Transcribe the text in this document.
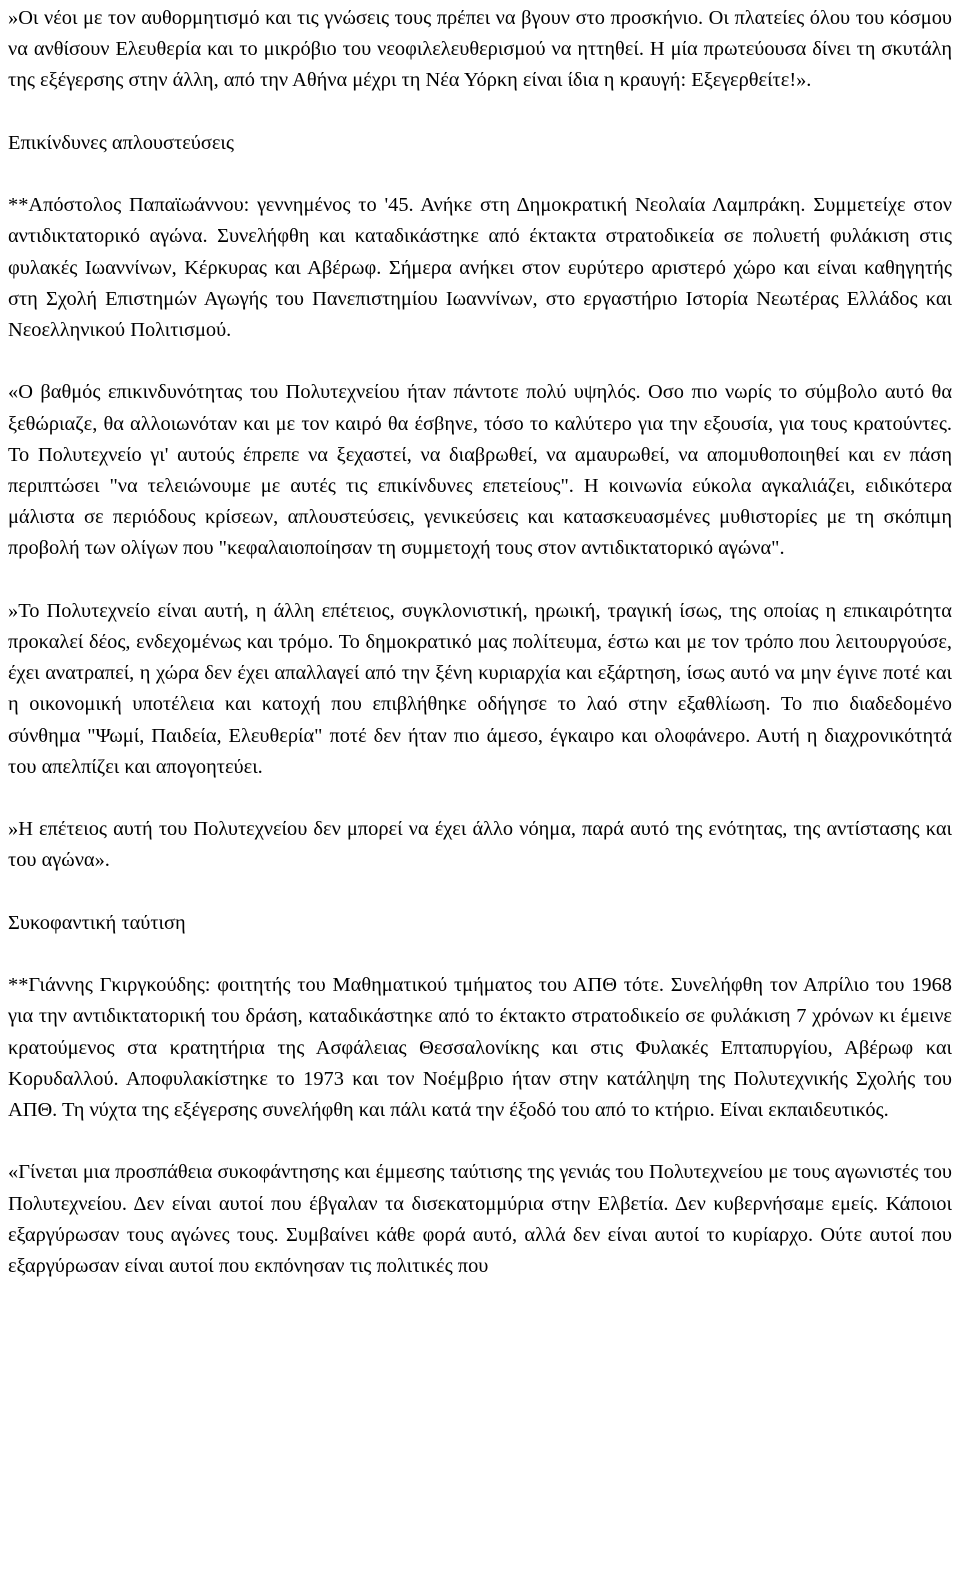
»Οι νέοι με τον αυθορμητισμό και τις γνώσεις τους πρέπει να βγουν στο προσκήνιο. Οι πλατείες όλου του κόσμου να ανθίσουν Ελευθερία και το μικρόβιο του νεοφιλελευθερισμού να ηττηθεί. Η μία πρωτεύουσα δίνει τη σκυτάλη της εξέγερσης στην άλλη, από την Αθήνα μέχρι τη Νέα Υόρκη είναι ίδια η κραυγή: Εξεγερθείτε!».

Επικίνδυνες απλουστεύσεις

**Απόστολος Παπαϊωάννου: γεννημένος το '45. Ανήκε στη Δημοκρατική Νεολαία Λαμπράκη. Συμμετείχε στον αντιδικτατορικό αγώνα. Συνελήφθη και καταδικάστηκε από έκτακτα στρατοδικεία σε πολυετή φυλάκιση στις φυλακές Ιωαννίνων, Κέρκυρας και Αβέρωφ. Σήμερα ανήκει στον ευρύτερο αριστερό χώρο και είναι καθηγητής στη Σχολή Επιστημών Αγωγής του Πανεπιστημίου Ιωαννίνων, στο εργαστήριο Ιστορία Νεωτέρας Ελλάδος και Νεοελληνικού Πολιτισμού.

«Ο βαθμός επικινδυνότητας του Πολυτεχνείου ήταν πάντοτε πολύ υψηλός. Οσο πιο νωρίς το σύμβολο αυτό θα ξεθώριαζε, θα αλλοιωνόταν και με τον καιρό θα έσβηνε, τόσο το καλύτερο για την εξουσία, για τους κρατούντες. Το Πολυτεχνείο γι' αυτούς έπρεπε να ξεχαστεί, να διαβρωθεί, να αμαυρωθεί, να απομυθοποιηθεί και εν πάση περιπτώσει "να τελειώνουμε με αυτές τις επικίνδυνες επετείους". Η κοινωνία εύκολα αγκαλιάζει, ειδικότερα μάλιστα σε περιόδους κρίσεων, απλουστεύσεις, γενικεύσεις και κατασκευασμένες μυθιστορίες με τη σκόπιμη προβολή των ολίγων που "κεφαλαιοποίησαν τη συμμετοχή τους στον αντιδικτατορικό αγώνα".

»Το Πολυτεχνείο είναι αυτή, η άλλη επέτειος, συγκλονιστική, ηρωική, τραγική ίσως, της οποίας η επικαιρότητα προκαλεί δέος, ενδεχομένως και τρόμο. Το δημοκρατικό μας πολίτευμα, έστω και με τον τρόπο που λειτουργούσε, έχει ανατραπεί, η χώρα δεν έχει απαλλαγεί από την ξένη κυριαρχία και εξάρτηση, ίσως αυτό να μην έγινε ποτέ και η οικονομική υποτέλεια και κατοχή που επιβλήθηκε οδήγησε το λαό στην εξαθλίωση. Το πιο διαδεδομένο σύνθημα "Ψωμί, Παιδεία, Ελευθερία" ποτέ δεν ήταν πιο άμεσο, έγκαιρο και ολοφάνερο. Αυτή η διαχρονικότητά του απελπίζει και απογοητεύει.

»Η επέτειος αυτή του Πολυτεχνείου δεν μπορεί να έχει άλλο νόημα, παρά αυτό της ενότητας, της αντίστασης και του αγώνα».

Συκοφαντική ταύτιση

**Γιάννης Γκιργκούδης: φοιτητής του Μαθηματικού τμήματος του ΑΠΘ τότε. Συνελήφθη τον Απρίλιο του 1968 για την αντιδικτατορική του δράση, καταδικάστηκε από το έκτακτο στρατοδικείο σε φυλάκιση 7 χρόνων κι έμεινε κρατούμενος στα κρατητήρια της Ασφάλειας Θεσσαλονίκης και στις Φυλακές Επταπυργίου, Αβέρωφ και Κορυδαλλού. Αποφυλακίστηκε το 1973 και τον Νοέμβριο ήταν στην κατάληψη της Πολυτεχνικής Σχολής του ΑΠΘ. Τη νύχτα της εξέγερσης συνελήφθη και πάλι κατά την έξοδό του από το κτήριο. Είναι εκπαιδευτικός.

«Γίνεται μια προσπάθεια συκοφάντησης και έμμεσης ταύτισης της γενιάς του Πολυτεχνείου με τους αγωνιστές του Πολυτεχνείου. Δεν είναι αυτοί που έβγαλαν τα δισεκατομμύρια στην Ελβετία. Δεν κυβερνήσαμε εμείς. Κάποιοι εξαργύρωσαν τους αγώνες τους. Συμβαίνει κάθε φορά αυτό, αλλά δεν είναι αυτοί το κυρίαρχο. Ούτε αυτοί που εξαργύρωσαν είναι αυτοί που εκπόνησαν τις πολιτικές που
